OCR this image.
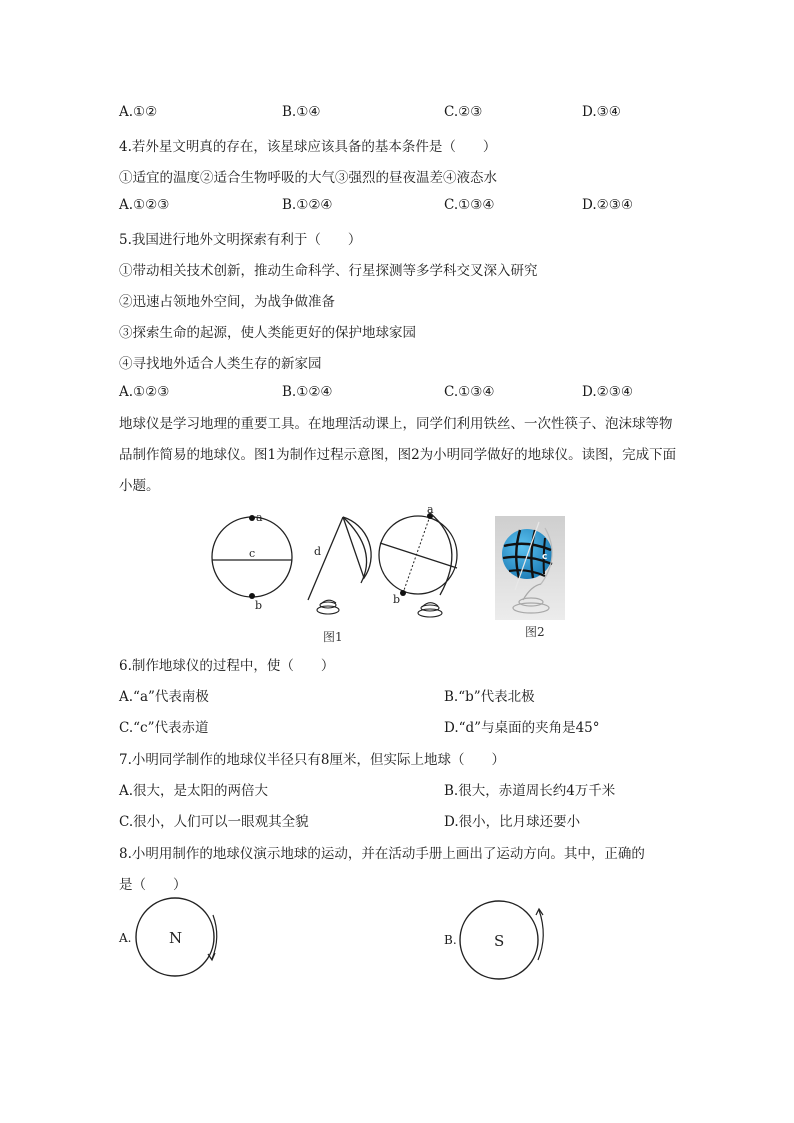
A.①②	B.①④	C.②③	D.③④
4.若外星文明真的存在，该星球应该具备的基本条件是（　　）
①适宜的温度②适合生物呼吸的大气③强烈的昼夜温差④液态水
A.①②③	B.①②④	C.①③④	D.②③④
5.我国进行地外文明探索有利于（　　）
①带动相关技术创新，推动生命科学、行星探测等多学科交叉深入研究
②迅速占领地外空间，为战争做准备
③探索生命的起源，使人类能更好的保护地球家园
④寻找地外适合人类生存的新家园
A.①②③	B.①②④	C.①③④	D.②③④
地球仪是学习地理的重要工具。在地理活动课上，同学们利用铁丝、一次性筷子、泡沫球等物品制作简易的地球仪。图1为制作过程示意图，图2为小明同学做好的地球仪。读图，完成下面小题。
a
c
b
d
a
b
图1
c
图2
6.制作地球仪的过程中，使（　　）
A.“a”代表南极	B.“b”代表北极
C.“c”代表赤道	D.“d”与桌面的夹角是45°
7.小明同学制作的地球仪半径只有8厘米，但实际上地球（　　）
A.很大，是太阳的两倍大	B.很大，赤道周长约4万千米
C.很小，人们可以一眼观其全貌	D.很小，比月球还要小
8.小明用制作的地球仪演示地球的运动，并在活动手册上画出了运动方向。其中，正确的
是（　　）
A.	N	B. S
